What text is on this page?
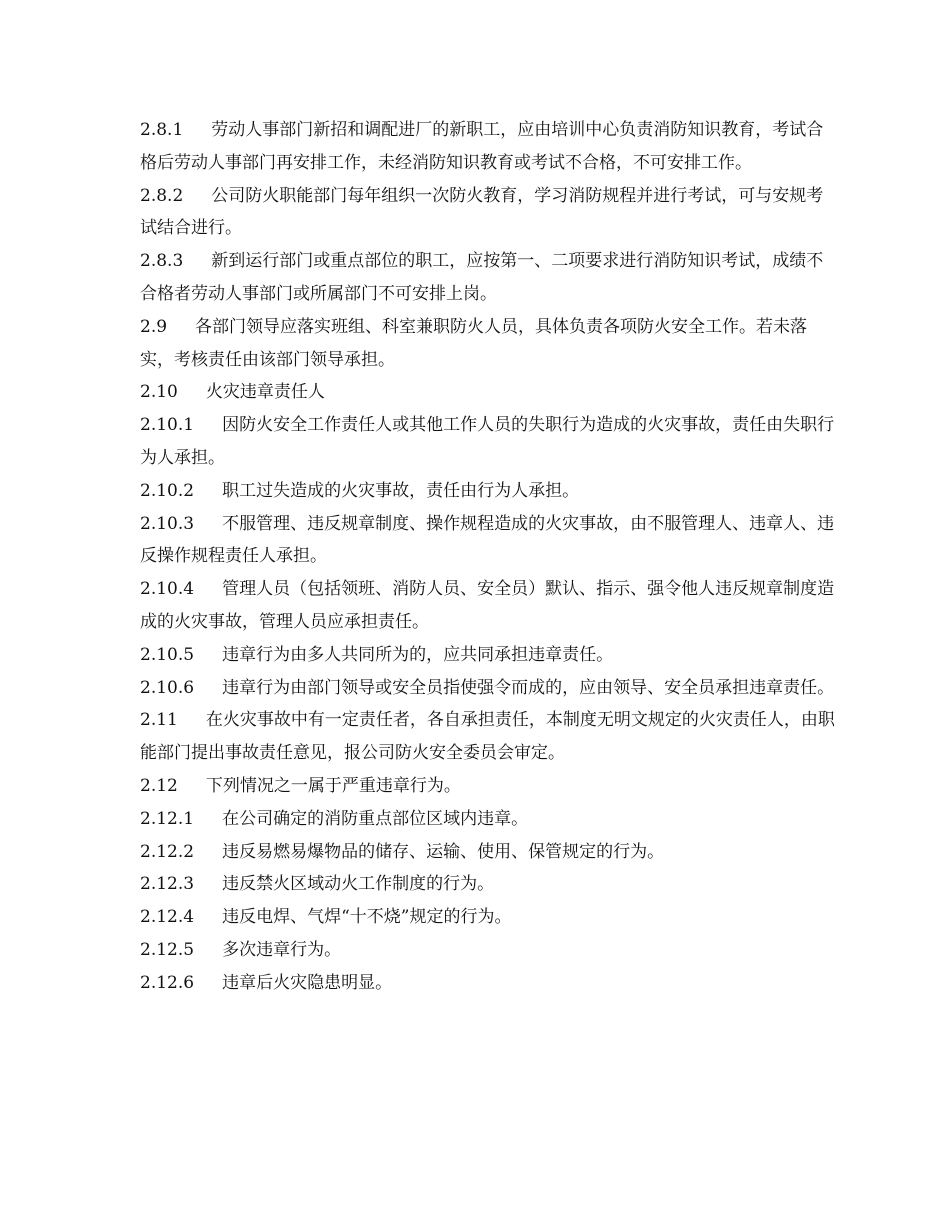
2.8.1 劳动人事部门新招和调配进厂的新职工，应由培训中心负责消防知识教育，考试合格后劳动人事部门再安排工作，未经消防知识教育或考试不合格，不可安排工作。

2.8.2 公司防火职能部门每年组织一次防火教育，学习消防规程并进行考试，可与安规考试结合进行。

2.8.3 新到运行部门或重点部位的职工，应按第一、二项要求进行消防知识考试，成绩不合格者劳动人事部门或所属部门不可安排上岗。

2.9 各部门领导应落实班组、科室兼职防火人员，具体负责各项防火安全工作。若未落实，考核责任由该部门领导承担。

2.10 火灾违章责任人

2.10.1 因防火安全工作责任人或其他工作人员的失职行为造成的火灾事故，责任由失职行为人承担。

2.10.2 职工过失造成的火灾事故，责任由行为人承担。

2.10.3 不服管理、违反规章制度、操作规程造成的火灾事故，由不服管理人、违章人、违反操作规程责任人承担。

2.10.4 管理人员（包括领班、消防人员、安全员）默认、指示、强令他人违反规章制度造成的火灾事故，管理人员应承担责任。

2.10.5 违章行为由多人共同所为的，应共同承担违章责任。

2.10.6 违章行为由部门领导或安全员指使强令而成的，应由领导、安全员承担违章责任。

2.11 在火灾事故中有一定责任者，各自承担责任，本制度无明文规定的火灾责任人，由职能部门提出事故责任意见，报公司防火安全委员会审定。

2.12 下列情况之一属于严重违章行为。

2.12.1 在公司确定的消防重点部位区域内违章。

2.12.2 违反易燃易爆物品的储存、运输、使用、保管规定的行为。

2.12.3 违反禁火区域动火工作制度的行为。

2.12.4 违反电焊、气焊“十不烧”规定的行为。

2.12.5 多次违章行为。

2.12.6 违章后火灾隐患明显。
